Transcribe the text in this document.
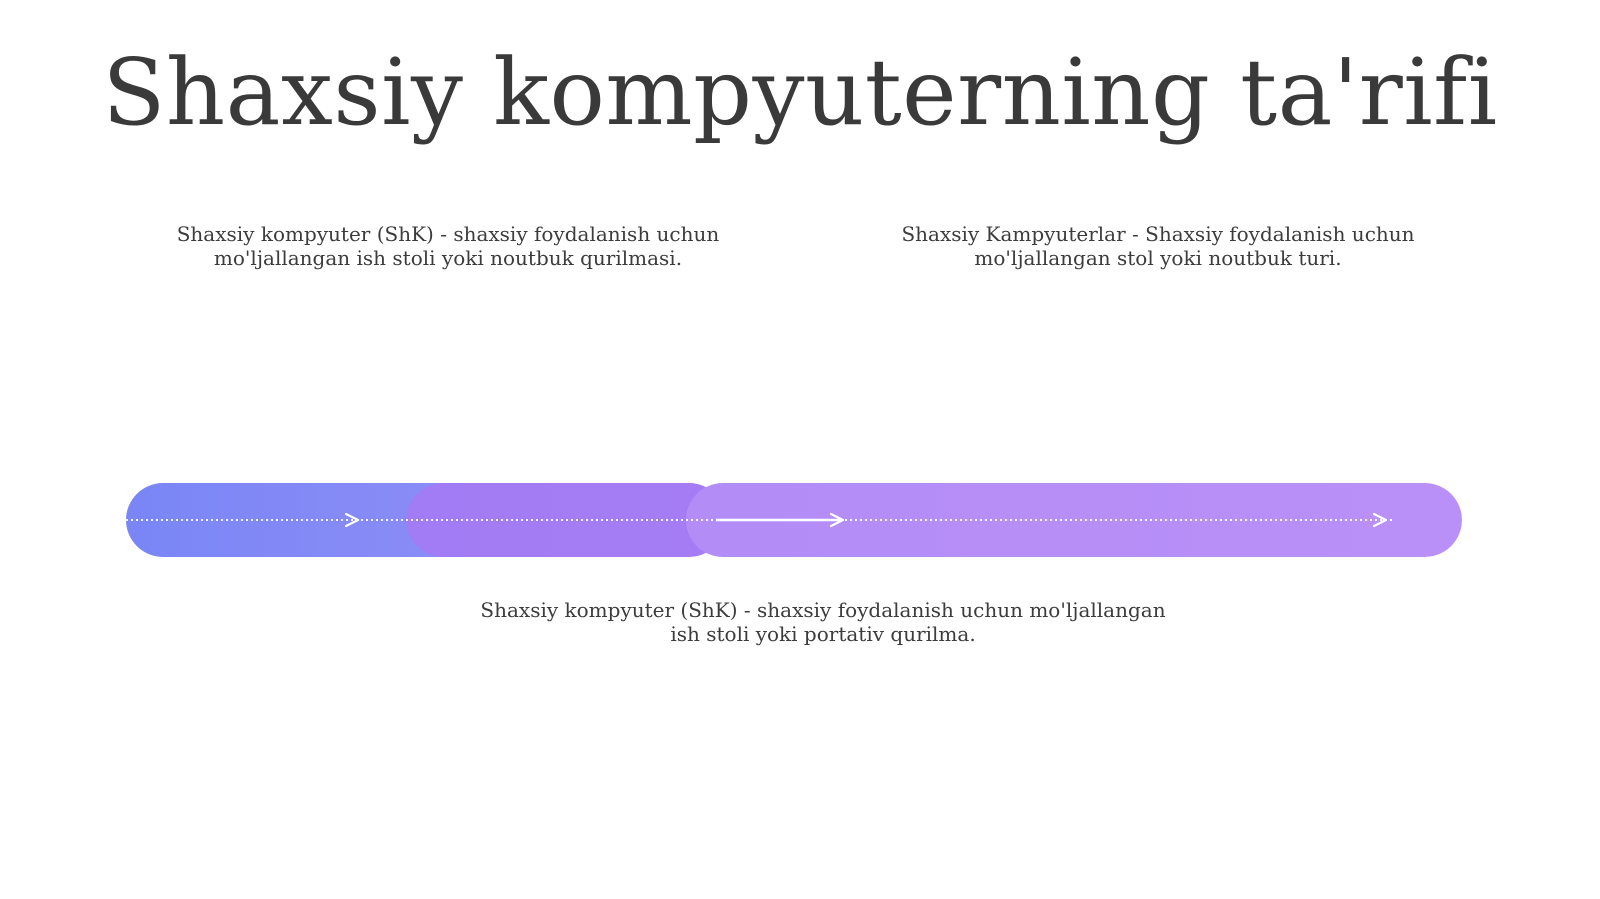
Shaxsiy kompyuterning ta'rifi

Shaxsiy kompyuter (ShK) - shaxsiy foydalanish uchun mo'ljallangan ish stoli yoki noutbuk qurilmasi.

Shaxsiy Kampyuterlar - Shaxsiy foydalanish uchun mo'ljallangan stol yoki noutbuk turi.

Shaxsiy kompyuter (ShK) - shaxsiy foydalanish uchun mo'ljallangan ish stoli yoki portativ qurilma.
